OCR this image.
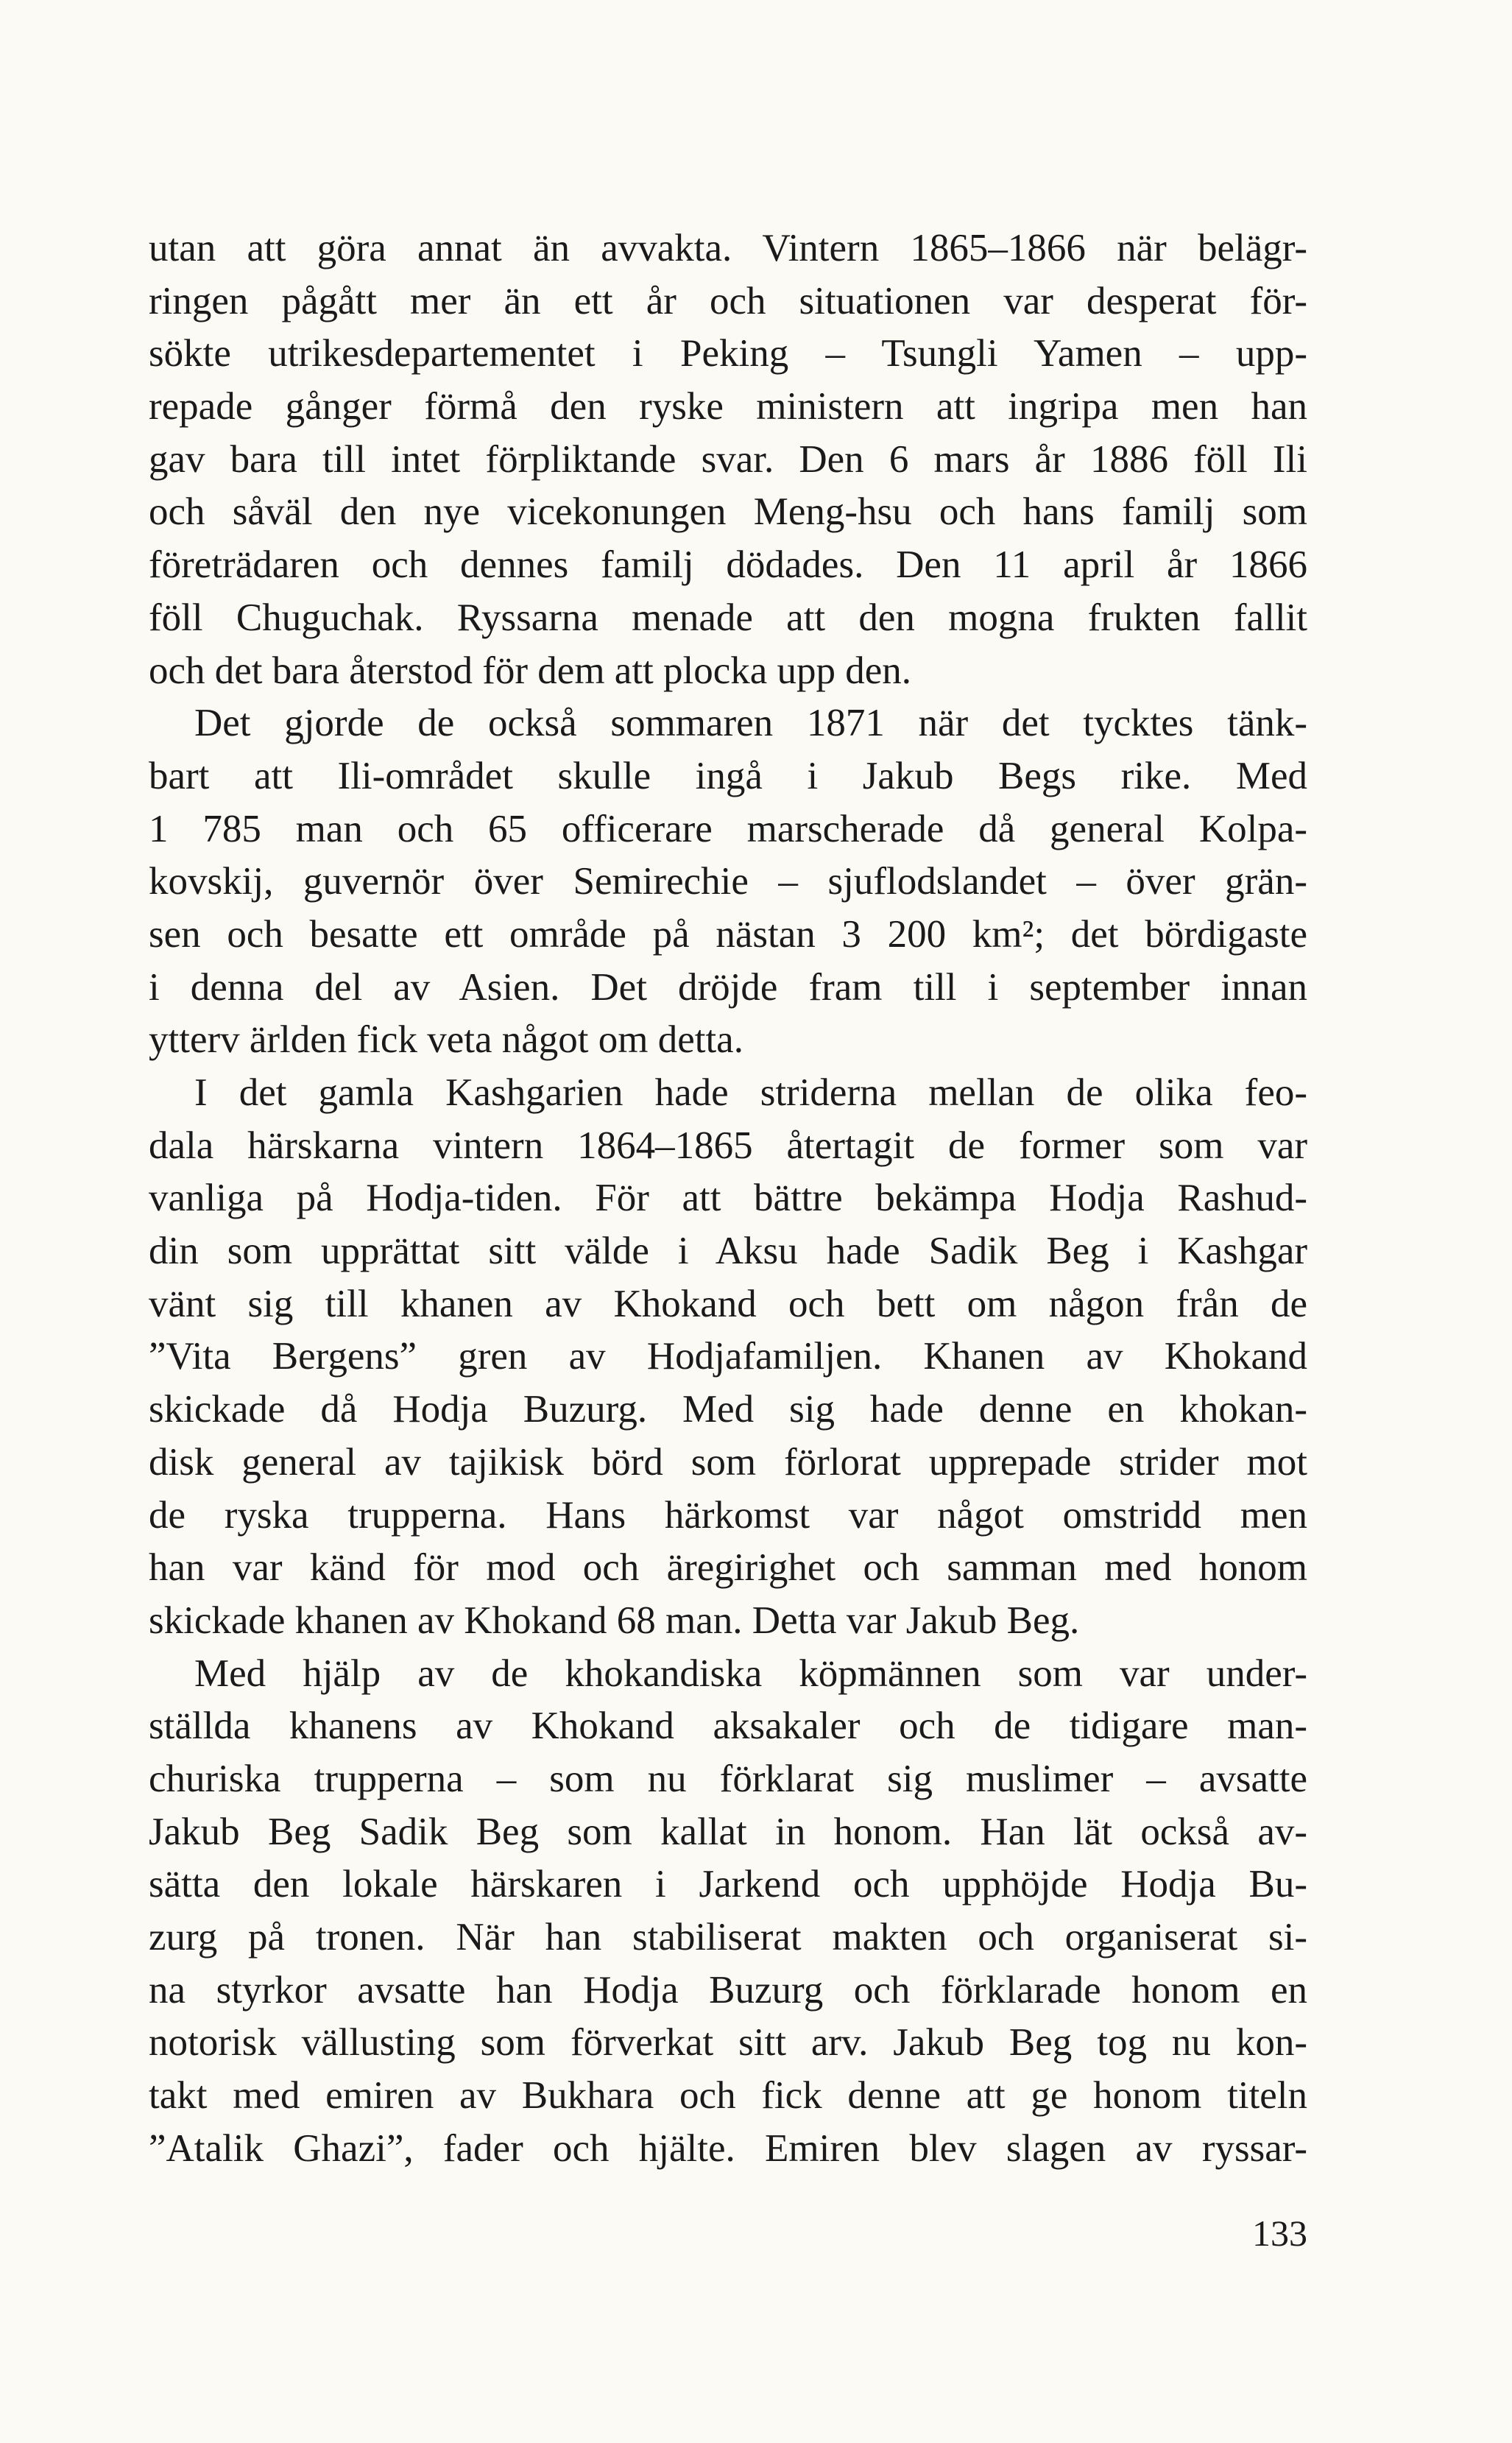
utan att göra annat än avvakta. Vintern 1865–1866 när belägr-
ringen pågått mer än ett år och situationen var desperat för-
sökte utrikesdepartementet i Peking – Tsungli Yamen – upp-
repade gånger förmå den ryske ministern att ingripa men han
gav bara till intet förpliktande svar. Den 6 mars år 1886 föll Ili
och såväl den nye vicekonungen Meng-hsu och hans familj som
företrädaren och dennes familj dödades. Den 11 april år 1866
föll Chuguchak. Ryssarna menade att den mogna frukten fallit
och det bara återstod för dem att plocka upp den.
Det gjorde de också sommaren 1871 när det tycktes tänk-
bart att Ili-området skulle ingå i Jakub Begs rike. Med
1 785 man och 65 officerare marscherade då general Kolpa-
kovskij, guvernör över Semirechie – sjuflodslandet – över grän-
sen och besatte ett område på nästan 3 200 km²; det bördigaste
i denna del av Asien. Det dröjde fram till i september innan
ytterv ärlden fick veta något om detta.
I det gamla Kashgarien hade striderna mellan de olika feo-
dala härskarna vintern 1864–1865 återtagit de former som var
vanliga på Hodja-tiden. För att bättre bekämpa Hodja Rashud-
din som upprättat sitt välde i Aksu hade Sadik Beg i Kashgar
vänt sig till khanen av Khokand och bett om någon från de
”Vita Bergens” gren av Hodjafamiljen. Khanen av Khokand
skickade då Hodja Buzurg. Med sig hade denne en khokan-
disk general av tajikisk börd som förlorat upprepade strider mot
de ryska trupperna. Hans härkomst var något omstridd men
han var känd för mod och äregirighet och samman med honom
skickade khanen av Khokand 68 man. Detta var Jakub Beg.
Med hjälp av de khokandiska köpmännen som var under-
ställda khanens av Khokand aksakaler och de tidigare man-
churiska trupperna – som nu förklarat sig muslimer – avsatte
Jakub Beg Sadik Beg som kallat in honom. Han lät också av-
sätta den lokale härskaren i Jarkend och upphöjde Hodja Bu-
zurg på tronen. När han stabiliserat makten och organiserat si-
na styrkor avsatte han Hodja Buzurg och förklarade honom en
notorisk vällusting som förverkat sitt arv. Jakub Beg tog nu kon-
takt med emiren av Bukhara och fick denne att ge honom titeln
”Atalik Ghazi”, fader och hjälte. Emiren blev slagen av ryssar-
133
